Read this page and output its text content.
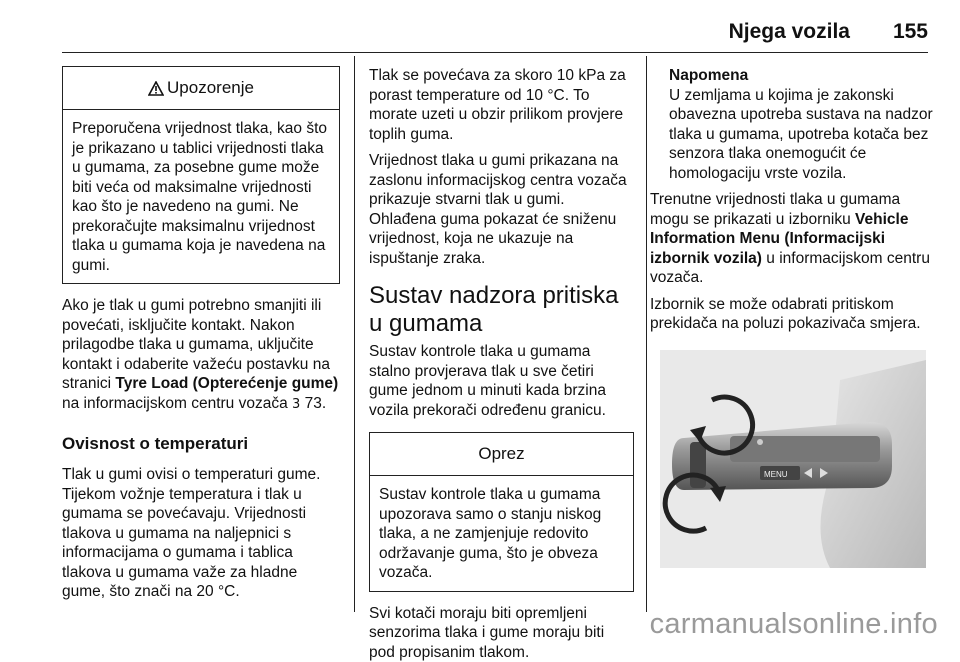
Njega vozila	155
Upozorenje

Preporučena vrijednost tlaka, kao što je prikazano u tablici vrijednosti tlaka u gumama, za posebne gume može biti veća od maksimalne vrijednosti kao što je navedeno na gumi. Ne prekoračujte maksimalnu vrijednost tlaka u gumama koja je navedena na gumi.

Ako je tlak u gumi potrebno smanjiti ili povećati, isključite kontakt. Nakon prilagodbe tlaka u gumama, uključite kontakt i odaberite važeću postavku na stranici Tyre Load (Opterećenje gume) na informacijskom centru vozača 3 73.

Ovisnost o temperaturi

Tlak u gumi ovisi o temperaturi gume. Tijekom vožnje temperatura i tlak u gumama se povećavaju. Vrijednosti tlakova u gumama na naljepnici s informacijama o gumama i tablica tlakova u gumama važe za hladne gume, što znači na 20 °C.

Tlak se povećava za skoro 10 kPa za porast temperature od 10 °C. To morate uzeti u obzir prilikom provjere toplih guma.

Vrijednost tlaka u gumi prikazana na zaslonu informacijskog centra vozača prikazuje stvarni tlak u gumi.

Ohlađena guma pokazat će sniženu vrijednost, koja ne ukazuje na ispuštanje zraka.

Sustav nadzora pritiska u gumama

Sustav kontrole tlaka u gumama stalno provjerava tlak u sve četiri gume jednom u minuti kada brzina vozila prekorači određenu granicu.

Oprez

Sustav kontrole tlaka u gumama upozorava samo o stanju niskog tlaka, a ne zamjenjuje redovito održavanje guma, što je obveza vozača.

Svi kotači moraju biti opremljeni senzorima tlaka i gume moraju biti pod propisanim tlakom.

Napomena

U zemljama u kojima je zakonski obavezna upotreba sustava na nadzor tlaka u gumama, upotreba kotača bez senzora tlaka onemogućit će homologaciju vrste vozila.

Trenutne vrijednosti tlaka u gumama mogu se prikazati u izborniku Vehicle Information Menu (Informacijski izbornik vozila) u informacijskom centru vozača.

Izbornik se može odabrati pritiskom prekidača na poluzi pokazivača smjera.

MENU
carmanualsonline.info
